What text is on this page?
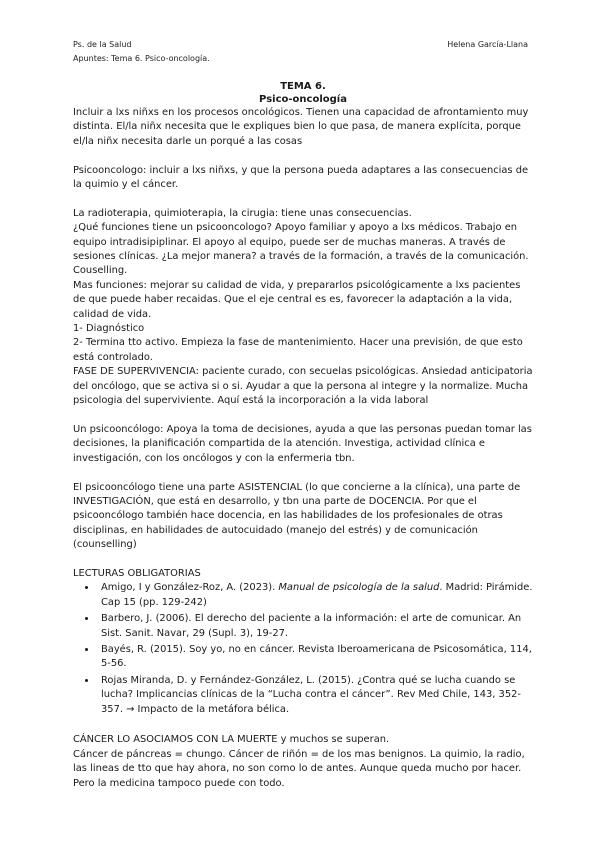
Ps. de la Salud
Apuntes: Tema 6. Psico-oncología.
Helena García-Llana
TEMA 6.
Psico-oncología

Incluir a lxs niñxs en los procesos oncológicos. Tienen una capacidad de afrontamiento muy distinta. El/la niñx necesita que le expliques bien lo que pasa, de manera explícita, porque el/la niñx necesita darle un porqué a las cosas

Psicooncologo: incluir a lxs niñxs, y que la persona pueda adaptares a las consecuencias de la quimio y el cáncer.

La radioterapia, quimioterapia, la cirugia: tiene unas consecuencias.

¿Qué funciones tiene un psicooncologo? Apoyo familiar y apoyo a lxs médicos. Trabajo en equipo intradisipiplinar. El apoyo al equipo, puede ser de muchas maneras. A través de sesiones clínicas. ¿La mejor manera? a través de la formación, a través de la comunicación. Couselling.

Mas funciones: mejorar su calidad de vida, y prepararlos psicológicamente a lxs pacientes de que puede haber recaidas. Que el eje central es es, favorecer la adaptación a la vida, calidad de vida.

1- Diagnóstico

2- Termina tto activo. Empieza la fase de mantenimiento. Hacer una previsión, de que esto está controlado.

FASE DE SUPERVIVENCIA: paciente curado, con secuelas psicológicas. Ansiedad anticipatoria del oncólogo, que se activa si o si. Ayudar a que la persona al integre y la normalize. Mucha psicologia del superviviente. Aquí está la incorporación a la vida laboral

Un psicooncólogo: Apoya la toma de decisiones, ayuda a que las personas puedan tomar las decisiones, la planificación compartida de la atención. Investiga, actividad clínica e investigación, con los oncólogos y con la enfermeria tbn.

El psicooncólogo tiene una parte ASISTENCIAL (lo que concierne a la clínica), una parte de INVESTIGACIÓN, que está en desarrollo, y tbn una parte de DOCENCIA. Por que el psicooncólogo también hace docencia, en las habilidades de los profesionales de otras disciplinas, en habilidades de autocuidado (manejo del estrés) y de comunicación (counselling)

LECTURAS OBLIGATORIAS

• Amigo, I y González-Roz, A. (2023). Manual de psicología de la salud. Madrid: Pirámide. Cap 15 (pp. 129-242)
• Barbero, J. (2006). El derecho del paciente a la información: el arte de comunicar. An Sist. Sanit. Navar, 29 (Supl. 3), 19-27.
• Bayés, R. (2015). Soy yo, no en cáncer. Revista Iberoamericana de Psicosomática, 114, 5-56.
• Rojas Miranda, D. y Fernández-González, L. (2015). ¿Contra qué se lucha cuando se lucha? Implicancias clínicas de la “Lucha contra el cáncer”. Rev Med Chile, 143, 352-357. → Impacto de la metáfora bélica.

CÁNCER LO ASOCIAMOS CON LA MUERTE y muchos se superan.

Cáncer de páncreas = chungo. Cáncer de riñón = de los mas benignos. La quimio, la radio, las lineas de tto que hay ahora, no son como lo de antes. Aunque queda mucho por hacer. Pero la medicina tampoco puede con todo.
